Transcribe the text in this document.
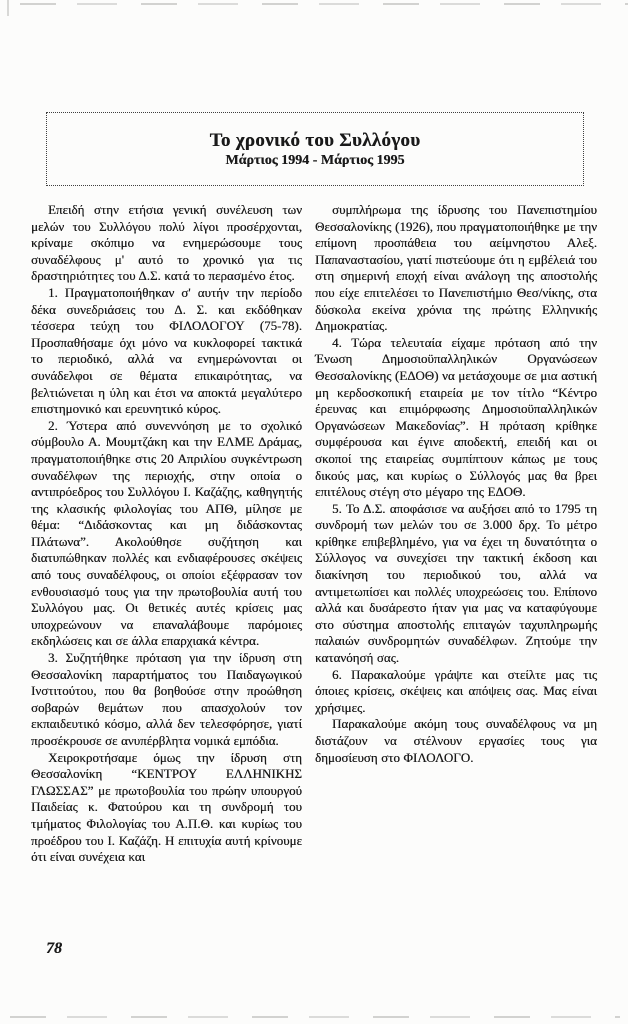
Το χρονικό του Συλλόγου
Μάρτιος 1994 - Μάρτιος 1995

Επειδή στην ετήσια γενική συνέλευση των μελών του Συλλόγου πολύ λίγοι προσέρχονται, κρίναμε σκόπιμο να ενημερώσουμε τους συναδέλφους μ' αυτό το χρονικό για τις δραστηριότητες του Δ.Σ. κατά το περασμένο έτος.

1. Πραγματοποιήθηκαν σ' αυτήν την περίοδο δέκα συνεδριάσεις του Δ. Σ. και εκδόθηκαν τέσσερα τεύχη του ΦΙΛΟΛΟΓΟΥ (75-78). Προσπαθήσαμε όχι μόνο να κυκλοφορεί τακτικά το περιοδικό, αλλά να ενημερώνονται οι συνάδελφοι σε θέματα επικαιρότητας, να βελτιώνεται η ύλη και έτσι να αποκτά μεγαλύτερο επιστημονικό και ερευνητικό κύρος.

2. Ύστερα από συνεννόηση με το σχολικό σύμβουλο Α. Μουμτζάκη και την ΕΛΜΕ Δράμας, πραγματοποιήθηκε στις 20 Απριλίου συγκέντρωση συναδέλφων της περιοχής, στην οποία ο αντιπρόεδρος του Συλλόγου Ι. Καζάζης, καθηγητής της κλασικής φιλολογίας του ΑΠΘ, μίλησε με θέμα: “Διδάσκοντας και μη διδάσκοντας Πλάτωνα”. Ακολούθησε συζήτηση και διατυπώθηκαν πολλές και ενδιαφέρουσες σκέψεις από τους συναδέλφους, οι οποίοι εξέφρασαν τον ενθουσιασμό τους για την πρωτοβουλία αυτή του Συλλόγου μας. Οι θετικές αυτές κρίσεις μας υποχρεώνουν να επαναλάβουμε παρόμοιες εκδηλώσεις και σε άλλα επαρχιακά κέντρα.

3. Συζητήθηκε πρόταση για την ίδρυση στη Θεσσαλονίκη παραρτήματος του Παιδαγωγικού Ινστιτούτου, που θα βοηθούσε στην προώθηση σοβαρών θεμάτων που απασχολούν τον εκπαιδευτικό κόσμο, αλλά δεν τελεσφόρησε, γιατί προσέκρουσε σε ανυπέρβλητα νομικά εμπόδια.

Χειροκροτήσαμε όμως την ίδρυση στη Θεσσαλονίκη “ΚΕΝΤΡΟΥ ΕΛΛΗΝΙΚΗΣ ΓΛΩΣΣΑΣ” με πρωτοβουλία του πρώην υπουργού Παιδείας κ. Φατούρου και τη συνδρομή του τμήματος Φιλολογίας του Α.Π.Θ. και κυρίως του προέδρου του Ι. Καζάζη. Η επιτυχία αυτή κρίνουμε ότι είναι συνέχεια και

συμπλήρωμα της ίδρυσης του Πανεπιστημίου Θεσσαλονίκης (1926), που πραγματοποιήθηκε με την επίμονη προσπάθεια του αείμνηστου Αλεξ. Παπαναστασίου, γιατί πιστεύουμε ότι η εμβέλειά του στη σημερινή εποχή είναι ανάλογη της αποστολής που είχε επιτελέσει το Πανεπιστήμιο Θεσ/νίκης, στα δύσκολα εκείνα χρόνια της πρώτης Ελληνικής Δημοκρατίας.

4. Τώρα τελευταία είχαμε πρόταση από την Ένωση Δημοσιοϋπαλληλικών Οργανώσεων Θεσσαλονίκης (ΕΔΟΘ) να μετάσχουμε σε μια αστική μη κερδοσκοπική εταιρεία με τον τίτλο “Κέντρο έρευνας και επιμόρφωσης Δημοσιοϋπαλληλικών Οργανώσεων Μακεδονίας”. Η πρόταση κρίθηκε συμφέρουσα και έγινε αποδεκτή, επειδή και οι σκοποί της εταιρείας συμπίπτουν κάπως με τους δικούς μας, και κυρίως ο Σύλλογός μας θα βρει επιτέλους στέγη στο μέγαρο της ΕΔΟΘ.

5. Το Δ.Σ. αποφάσισε να αυξήσει από το 1795 τη συνδρομή των μελών του σε 3.000 δρχ. Το μέτρο κρίθηκε επιβεβλημένο, για να έχει τη δυνατότητα ο Σύλλογος να συνεχίσει την τακτική έκδοση και διακίνηση του περιοδικού του, αλλά να αντιμετωπίσει και πολλές υποχρεώσεις του. Επίπονο αλλά και δυσάρεστο ήταν για μας να καταφύγουμε στο σύστημα αποστολής επιταγών ταχυπληρωμής παλαιών συνδρομητών συναδέλφων. Ζητούμε την κατανόησή σας.

6. Παρακαλούμε γράψτε και στείλτε μας τις όποιες κρίσεις, σκέψεις και απόψεις σας. Μας είναι χρήσιμες.

Παρακαλούμε ακόμη τους συναδέλφους να μη διστάζουν να στέλνουν εργασίες τους για δημοσίευση στο ΦΙΛΟΛΟΓΟ.

78
